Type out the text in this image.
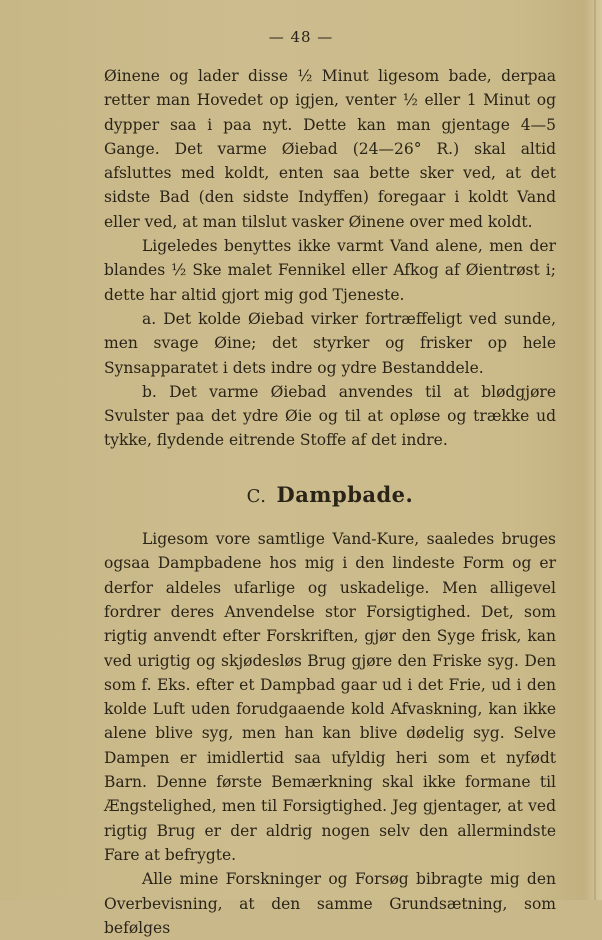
— 48 —

Øinene og lader disse ½ Minut ligesom bade, derpaa retter man Hovedet op igjen, venter ½ eller 1 Minut og dypper saa i paa nyt. Dette kan man gjentage 4—5 Gange. Det varme Øiebad (24—26° R.) skal altid afsluttes med koldt, enten saa bette sker ved, at det sidste Bad (den sidste Indyffen) foregaar i koldt Vand eller ved, at man tilslut vasker Øinene over med koldt.

Ligeledes benyttes ikke varmt Vand alene, men der blandes ½ Ske malet Fennikel eller Afkog af Øientrøst i; dette har altid gjort mig god Tjeneste.

a. Det kolde Øiebad virker fortræffeligt ved sunde, men svage Øine; det styrker og frisker op hele Synsapparatet i dets indre og ydre Bestanddele.

b. Det varme Øiebad anvendes til at blødgjøre Svulster paa det ydre Øie og til at opløse og trække ud tykke, flydende eitrende Stoffe af det indre.

C. Dampbade.

Ligesom vore samtlige Vand-Kure, saaledes bruges ogsaa Dampbadene hos mig i den lindeste Form og er derfor aldeles ufarlige og uskadelige. Men alligevel fordrer deres Anvendelse stor Forsigtighed. Det, som rigtig anvendt efter Forskriften, gjør den Syge frisk, kan ved urigtig og skjødesløs Brug gjøre den Friske syg. Den som f. Eks. efter et Dampbad gaar ud i det Frie, ud i den kolde Luft uden forudgaaende kold Afvaskning, kan ikke alene blive syg, men han kan blive dødelig syg. Selve Dampen er imidlertid saa ufyldig heri som et nyfødt Barn. Denne første Bemærkning skal ikke formane til Ængstelighed, men til Forsigtighed. Jeg gjentager, at ved rigtig Brug er der aldrig nogen selv den allermindste Fare at befrygte.

Alle mine Forskninger og Forsøg bibragte mig den Overbevisning, at den samme Grundsætning, som befølges
